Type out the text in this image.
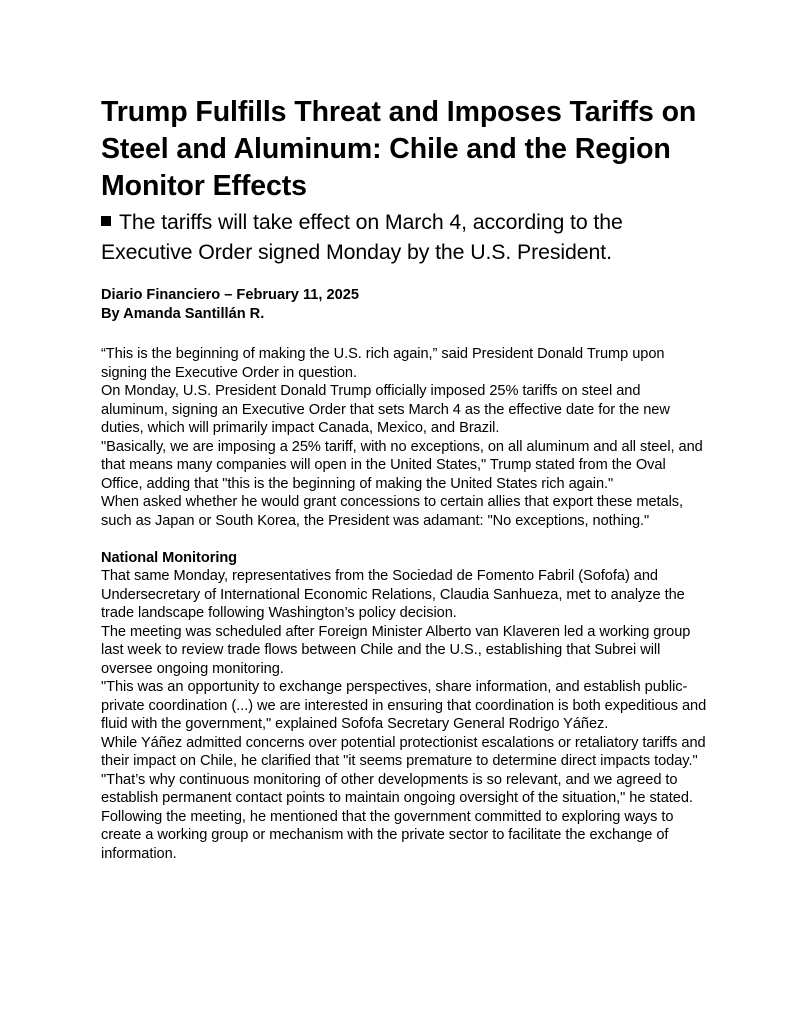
Trump Fulfills Threat and Imposes Tariffs on Steel and Aluminum: Chile and the Region Monitor Effects
The tariffs will take effect on March 4, according to the Executive Order signed Monday by the U.S. President.
Diario Financiero – February 11, 2025
By Amanda Santillán R.

“This is the beginning of making the U.S. rich again,” said President Donald Trump upon signing the Executive Order in question.

On Monday, U.S. President Donald Trump officially imposed 25% tariffs on steel and aluminum, signing an Executive Order that sets March 4 as the effective date for the new duties, which will primarily impact Canada, Mexico, and Brazil.

"Basically, we are imposing a 25% tariff, with no exceptions, on all aluminum and all steel, and that means many companies will open in the United States," Trump stated from the Oval Office, adding that "this is the beginning of making the United States rich again."

When asked whether he would grant concessions to certain allies that export these metals, such as Japan or South Korea, the President was adamant: "No exceptions, nothing."

National Monitoring

That same Monday, representatives from the Sociedad de Fomento Fabril (Sofofa) and Undersecretary of International Economic Relations, Claudia Sanhueza, met to analyze the trade landscape following Washington’s policy decision.

The meeting was scheduled after Foreign Minister Alberto van Klaveren led a working group last week to review trade flows between Chile and the U.S., establishing that Subrei will oversee ongoing monitoring.

"This was an opportunity to exchange perspectives, share information, and establish public-private coordination (...) we are interested in ensuring that coordination is both expeditious and fluid with the government," explained Sofofa Secretary General Rodrigo Yáñez.

While Yáñez admitted concerns over potential protectionist escalations or retaliatory tariffs and their impact on Chile, he clarified that "it seems premature to determine direct impacts today."

"That’s why continuous monitoring of other developments is so relevant, and we agreed to establish permanent contact points to maintain ongoing oversight of the situation," he stated.

Following the meeting, he mentioned that the government committed to exploring ways to create a working group or mechanism with the private sector to facilitate the exchange of information.
